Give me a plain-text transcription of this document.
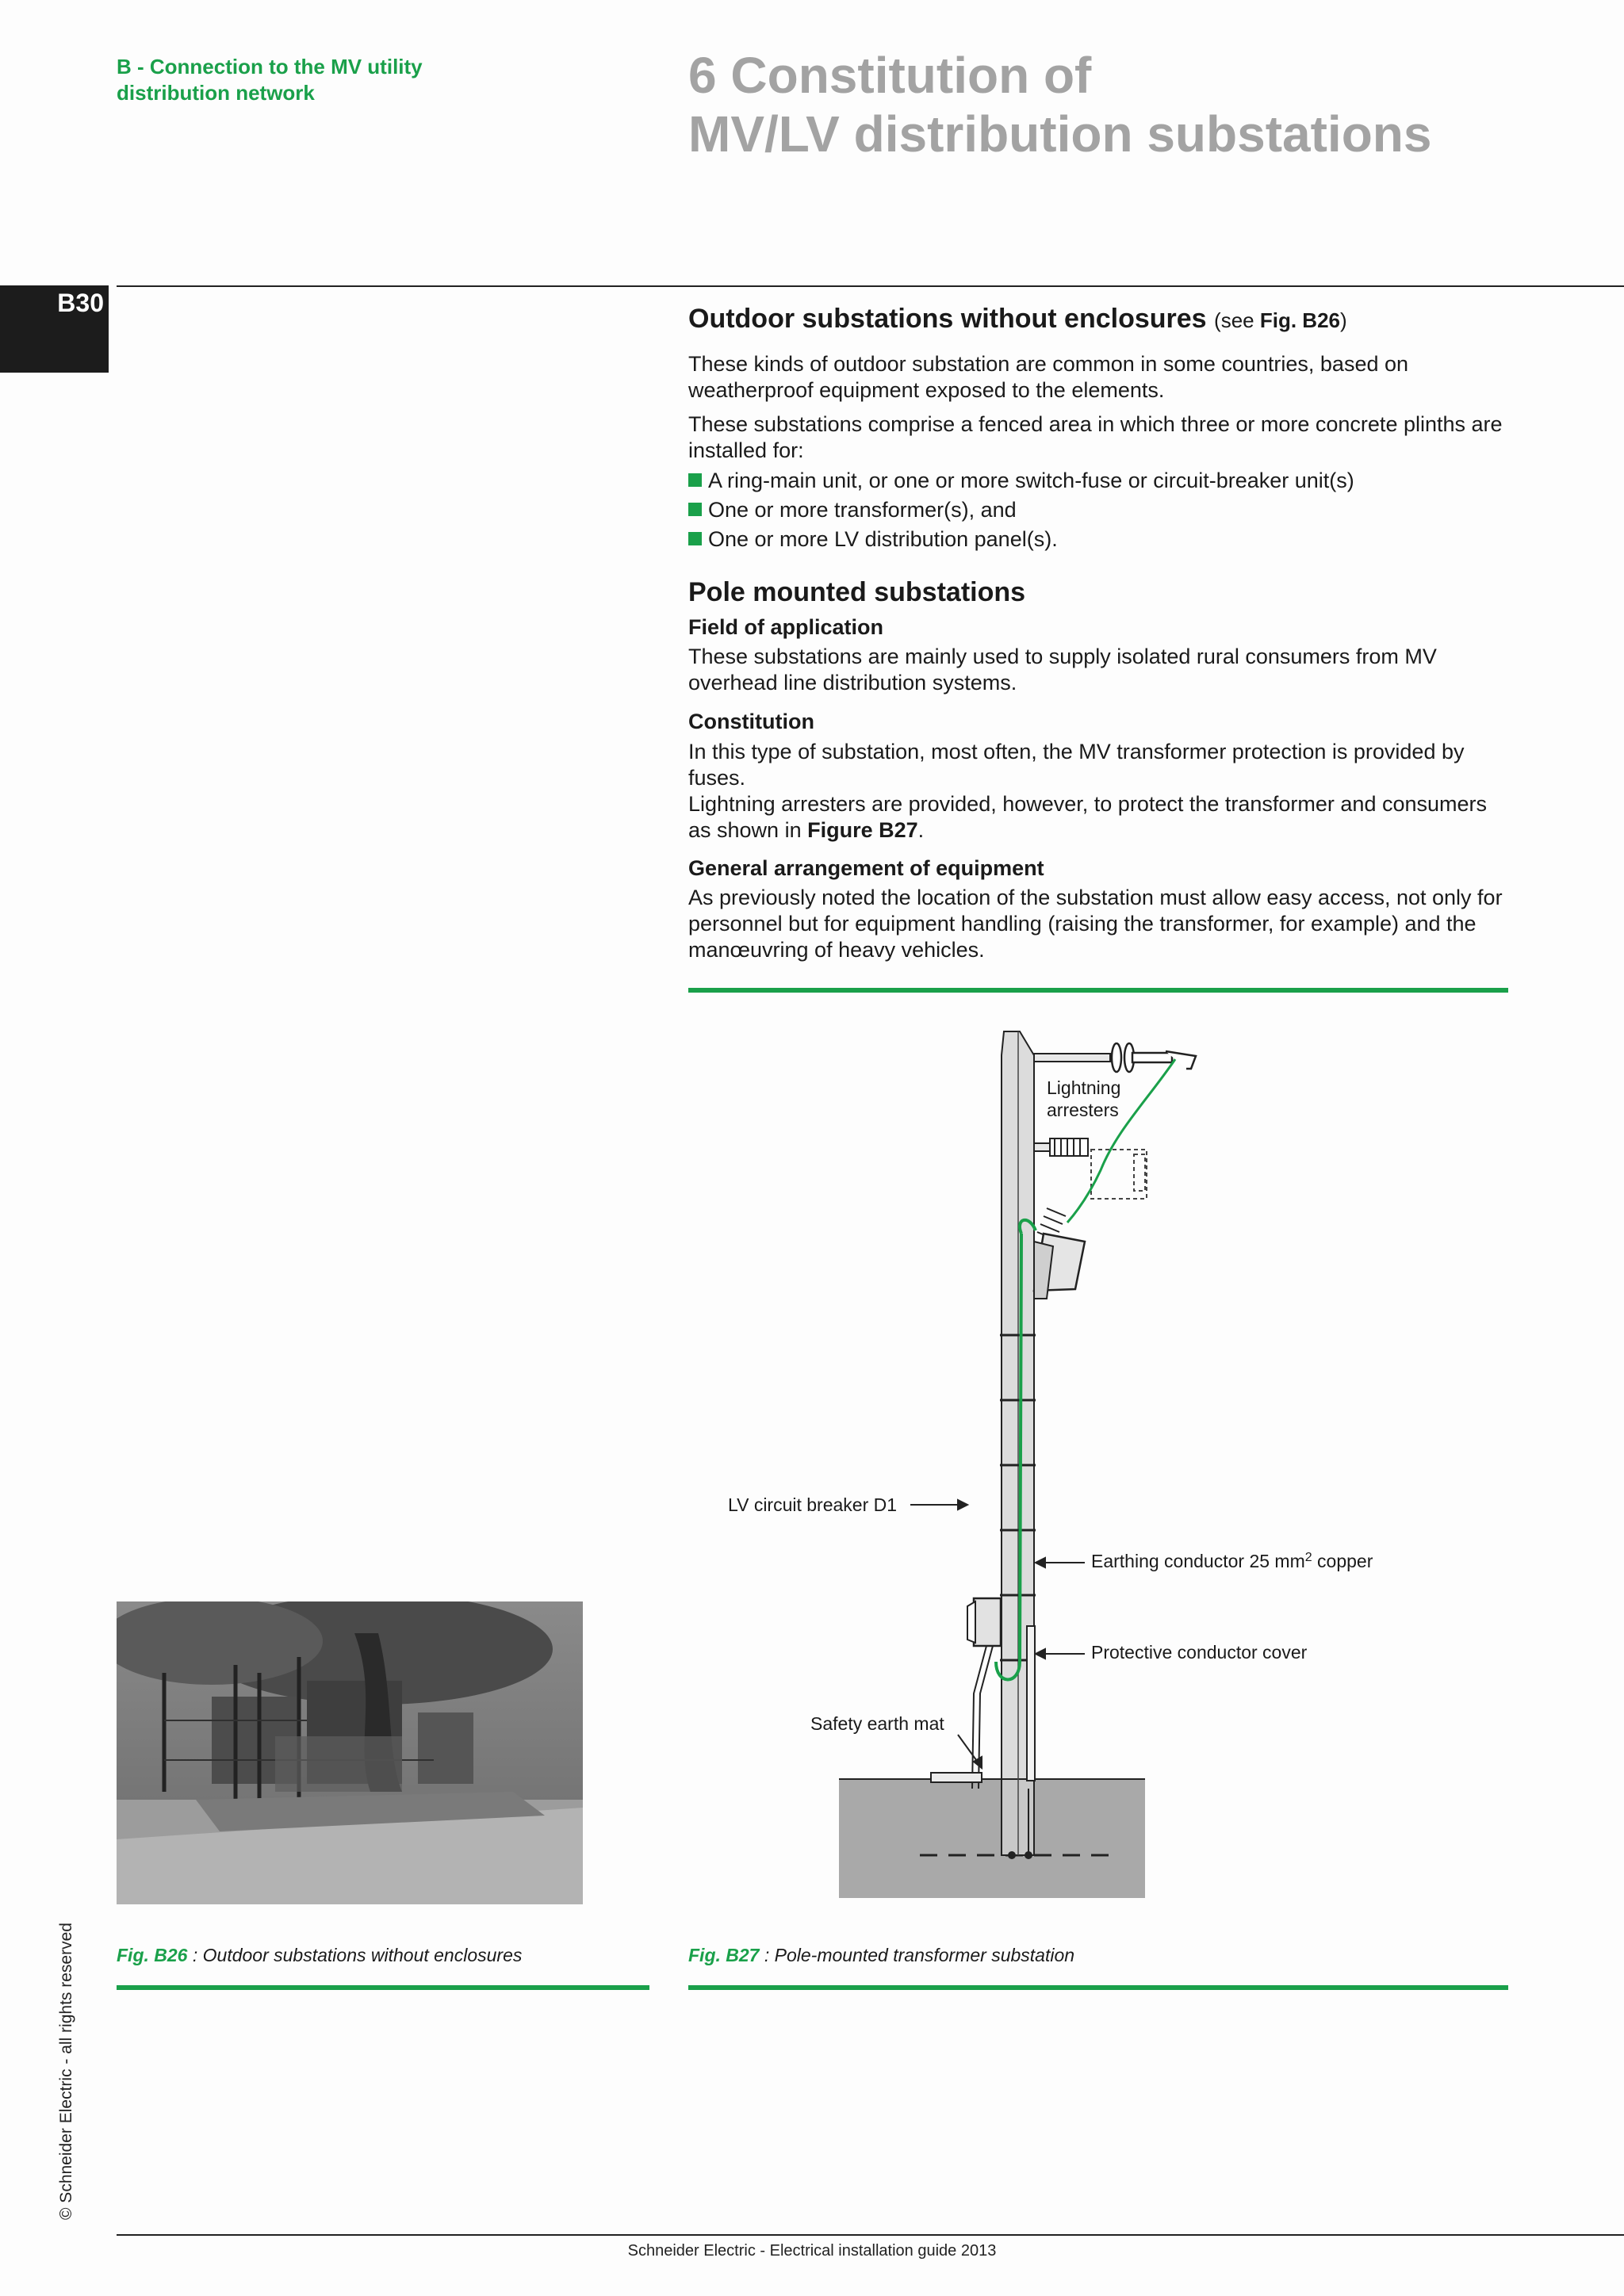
B - Connection to the MV utility
distribution network	6 Constitution of
MV/LV distribution substations
B30
Outdoor substations without enclosures (see Fig. B26)
These kinds of outdoor substation are common in some countries, based on weatherproof equipment exposed to the elements.
These substations comprise a fenced area in which three or more concrete plinths are installed for:
A ring-main unit, or one or more switch-fuse or circuit-breaker unit(s)
One or more transformer(s), and
One or more LV distribution panel(s).
Pole mounted substations
Field of application
These substations are mainly used to supply isolated rural consumers from MV overhead line distribution systems.
Constitution
In this type of substation, most often, the MV transformer protection is provided by fuses.
Lightning arresters are provided, however, to protect the transformer and consumers as shown in Figure B27.
General arrangement of equipment
As previously noted the location of the substation must allow easy access, not only for personnel but for equipment handling (raising the transformer, for example) and the manœuvring of heavy vehicles.
Lightning
arresters
LV circuit breaker D1
Earthing conductor 25 $mm^2$ copper
Protective conductor cover
Safety earth mat
Fig. B26 : Outdoor substations without enclosures	Fig. B27 : Pole-mounted transformer substation
© Schneider Electric - all rights reserved
Schneider Electric - Electrical installation guide 2013
